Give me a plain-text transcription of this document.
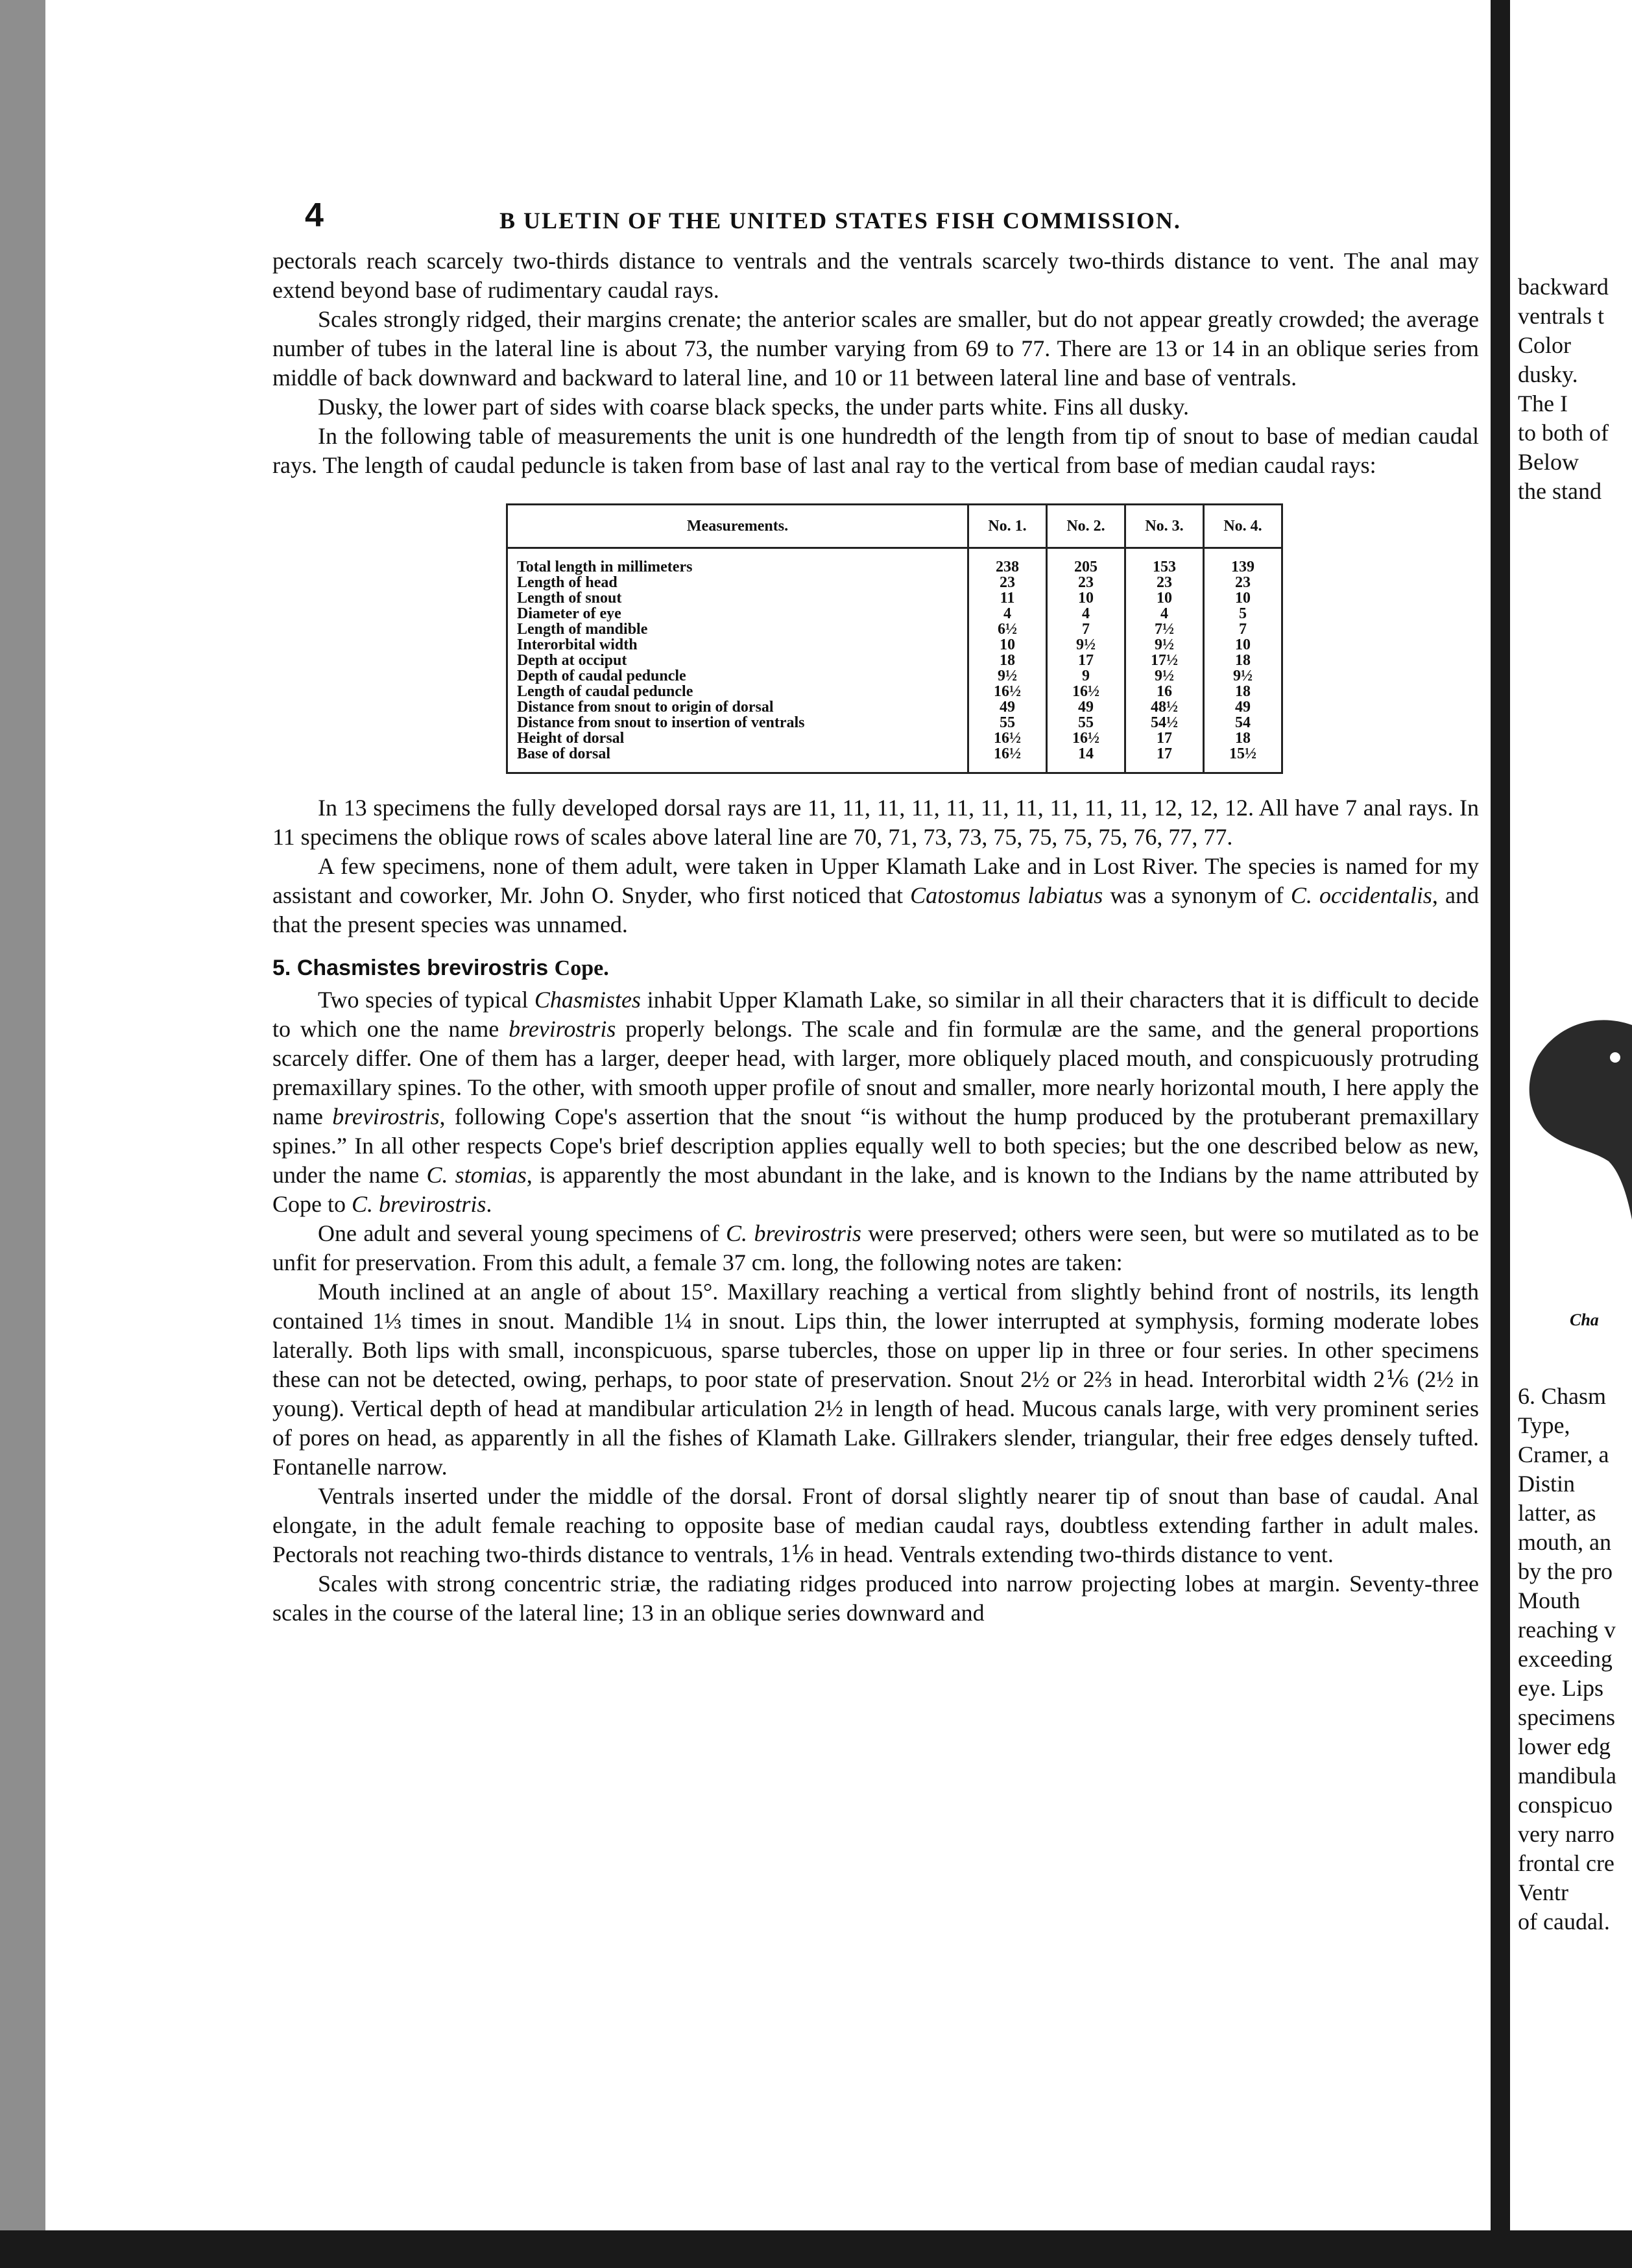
4	B ULETIN OF THE UNITED STATES FISH COMMISSION.

pectorals reach scarcely two-thirds distance to ventrals and the ventrals scarcely two-thirds distance to vent. The anal may extend beyond base of rudimentary caudal rays.

Scales strongly ridged, their margins crenate; the anterior scales are smaller, but do not appear greatly crowded; the average number of tubes in the lateral line is about 73, the number varying from 69 to 77. There are 13 or 14 in an oblique series from middle of back downward and backward to lateral line, and 10 or 11 between lateral line and base of ventrals.

Dusky, the lower part of sides with coarse black specks, the under parts white. Fins all dusky.

In the following table of measurements the unit is one hundredth of the length from tip of snout to base of median caudal rays. The length of caudal peduncle is taken from base of last anal ray to the vertical from base of median caudal rays:

Measurements.	No. 1.	No. 2.	No. 3.	No. 4.
Total length in millimeters	238	205	153	139
Length of head	23	23	23	23
Length of snout	11	10	10	10
Diameter of eye	4	4	4	5
Length of mandible	6½	7	7½	7
Interorbital width	10	9½	9½	10
Depth at occiput	18	17	17½	18
Depth of caudal peduncle	9½	9	9½	9½
Length of caudal peduncle	16½	16½	16	18
Distance from snout to origin of dorsal	49	49	48½	49
Distance from snout to insertion of ventrals	55	55	54½	54
Height of dorsal	16½	16½	17	18
Base of dorsal	16½	14	17	15½

In 13 specimens the fully developed dorsal rays are 11, 11, 11, 11, 11, 11, 11, 11, 11, 11, 12, 12, 12. All have 7 anal rays. In 11 specimens the oblique rows of scales above lateral line are 70, 71, 73, 73, 75, 75, 75, 75, 76, 77, 77.

A few specimens, none of them adult, were taken in Upper Klamath Lake and in Lost River. The species is named for my assistant and coworker, Mr. John O. Snyder, who first noticed that Catostomus labiatus was a synonym of C. occidentalis, and that the present species was unnamed.

5. Chasmistes brevirostris Cope.

Two species of typical Chasmistes inhabit Upper Klamath Lake, so similar in all their characters that it is difficult to decide to which one the name brevirostris properly belongs. The scale and fin formulæ are the same, and the general proportions scarcely differ. One of them has a larger, deeper head, with larger, more obliquely placed mouth, and conspicuously protruding premaxillary spines. To the other, with smooth upper profile of snout and smaller, more nearly horizontal mouth, I here apply the name brevirostris, following Cope's assertion that the snout “is without the hump produced by the protuberant premaxillary spines.” In all other respects Cope's brief description applies equally well to both species; but the one described below as new, under the name C. stomias, is apparently the most abundant in the lake, and is known to the Indians by the name attributed by Cope to C. brevirostris.

One adult and several young specimens of C. brevirostris were preserved; others were seen, but were so mutilated as to be unfit for preservation. From this adult, a female 37 cm. long, the following notes are taken:

Mouth inclined at an angle of about 15°. Maxillary reaching a vertical from slightly behind front of nostrils, its length contained 1⅓ times in snout. Mandible 1¼ in snout. Lips thin, the lower interrupted at symphysis, forming moderate lobes laterally. Both lips with small, inconspicuous, sparse tubercles, those on upper lip in three or four series. In other specimens these can not be detected, owing, perhaps, to poor state of preservation. Snout 2½ or 2⅔ in head. Interorbital width 2⅙ (2½ in young). Vertical depth of head at mandibular articulation 2½ in length of head. Mucous canals large, with very prominent series of pores on head, as apparently in all the fishes of Klamath Lake. Gillrakers slender, triangular, their free edges densely tufted. Fontanelle narrow.

Ventrals inserted under the middle of the dorsal. Front of dorsal slightly nearer tip of snout than base of caudal. Anal elongate, in the adult female reaching to opposite base of median caudal rays, doubtless extending farther in adult males. Pectorals not reaching two-thirds distance to ventrals, 1⅙ in head. Ventrals extending two-thirds distance to vent.

Scales with strong concentric striæ, the radiating ridges produced into narrow projecting lobes at margin. Seventy-three scales in the course of the lateral line; 13 in an oblique series downward and

backward
ventrals t
Color
dusky.
The I
to both of
Below
the stand
Cha
6. Chasm
Type,
Cramer, a
Distin
latter, as
mouth, an
by the pro
Mouth
reaching v
exceeding
eye. Lips
specimens
lower edg
mandibula
conspicuo
very narro
frontal cre
Ventr
of caudal.
